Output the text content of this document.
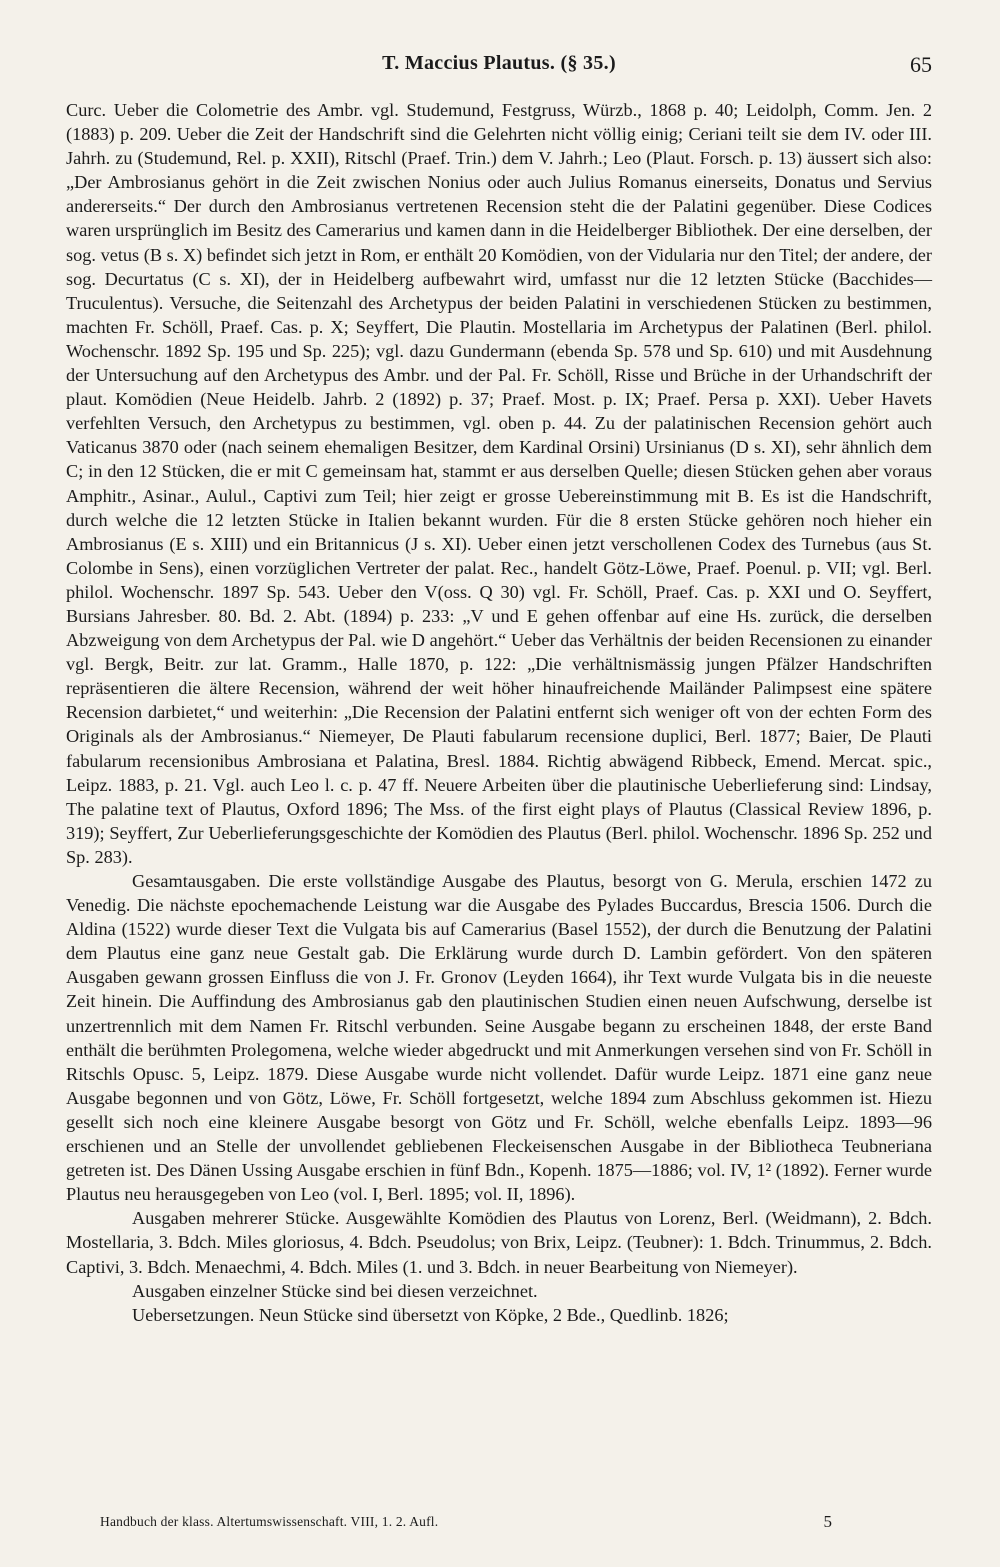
T. Maccius Plautus. (§ 35.)	65

Curc. Ueber die Colometrie des Ambr. vgl. Studemund, Festgruss, Würzb., 1868 p. 40; Leidolph, Comm. Jen. 2 (1883) p. 209. Ueber die Zeit der Handschrift sind die Gelehrten nicht völlig einig; Ceriani teilt sie dem IV. oder III. Jahrh. zu (Studemund, Rel. p. XXII), Ritschl (Praef. Trin.) dem V. Jahrh.; Leo (Plaut. Forsch. p. 13) äussert sich also: „Der Ambrosianus gehört in die Zeit zwischen Nonius oder auch Julius Romanus einerseits, Donatus und Servius andererseits.“ Der durch den Ambrosianus vertretenen Recension steht die der Palatini gegenüber. Diese Codices waren ursprünglich im Besitz des Camerarius und kamen dann in die Heidelberger Bibliothek. Der eine derselben, der sog. vetus (B s. X) befindet sich jetzt in Rom, er enthält 20 Komödien, von der Vidularia nur den Titel; der andere, der sog. Decurtatus (C s. XI), der in Heidelberg aufbewahrt wird, umfasst nur die 12 letzten Stücke (Bacchides—Truculentus). Versuche, die Seitenzahl des Archetypus der beiden Palatini in verschiedenen Stücken zu bestimmen, machten Fr. Schöll, Praef. Cas. p. X; Seyffert, Die Plautin. Mostellaria im Archetypus der Palatinen (Berl. philol. Wochenschr. 1892 Sp. 195 und Sp. 225); vgl. dazu Gundermann (ebenda Sp. 578 und Sp. 610) und mit Ausdehnung der Untersuchung auf den Archetypus des Ambr. und der Pal. Fr. Schöll, Risse und Brüche in der Urhandschrift der plaut. Komödien (Neue Heidelb. Jahrb. 2 (1892) p. 37; Praef. Most. p. IX; Praef. Persa p. XXI). Ueber Havets verfehlten Versuch, den Archetypus zu bestimmen, vgl. oben p. 44. Zu der palatinischen Recension gehört auch Vaticanus 3870 oder (nach seinem ehemaligen Besitzer, dem Kardinal Orsini) Ursinianus (D s. XI), sehr ähnlich dem C; in den 12 Stücken, die er mit C gemeinsam hat, stammt er aus derselben Quelle; diesen Stücken gehen aber voraus Amphitr., Asinar., Aulul., Captivi zum Teil; hier zeigt er grosse Uebereinstimmung mit B. Es ist die Handschrift, durch welche die 12 letzten Stücke in Italien bekannt wurden. Für die 8 ersten Stücke gehören noch hieher ein Ambrosianus (E s. XIII) und ein Britannicus (J s. XI). Ueber einen jetzt verschollenen Codex des Turnebus (aus St. Colombe in Sens), einen vorzüglichen Vertreter der palat. Rec., handelt Götz-Löwe, Praef. Poenul. p. VII; vgl. Berl. philol. Wochenschr. 1897 Sp. 543. Ueber den V(oss. Q 30) vgl. Fr. Schöll, Praef. Cas. p. XXI und O. Seyffert, Bursians Jahresber. 80. Bd. 2. Abt. (1894) p. 233: „V und E gehen offenbar auf eine Hs. zurück, die derselben Abzweigung von dem Archetypus der Pal. wie D angehört.“ Ueber das Verhältnis der beiden Recensionen zu einander vgl. Bergk, Beitr. zur lat. Gramm., Halle 1870, p. 122: „Die verhältnismässig jungen Pfälzer Handschriften repräsentieren die ältere Recension, während der weit höher hinaufreichende Mailänder Palimpsest eine spätere Recension darbietet,“ und weiterhin: „Die Recension der Palatini entfernt sich weniger oft von der echten Form des Originals als der Ambrosianus.“ Niemeyer, De Plauti fabularum recensione duplici, Berl. 1877; Baier, De Plauti fabularum recensionibus Ambrosiana et Palatina, Bresl. 1884. Richtig abwägend Ribbeck, Emend. Mercat. spic., Leipz. 1883, p. 21. Vgl. auch Leo l. c. p. 47 ff. Neuere Arbeiten über die plautinische Ueberlieferung sind: Lindsay, The palatine text of Plautus, Oxford 1896; The Mss. of the first eight plays of Plautus (Classical Review 1896, p. 319); Seyffert, Zur Ueberlieferungsgeschichte der Komödien des Plautus (Berl. philol. Wochenschr. 1896 Sp. 252 und Sp. 283).

Gesamtausgaben. Die erste vollständige Ausgabe des Plautus, besorgt von G. Merula, erschien 1472 zu Venedig. Die nächste epochemachende Leistung war die Ausgabe des Pylades Buccardus, Brescia 1506. Durch die Aldina (1522) wurde dieser Text die Vulgata bis auf Camerarius (Basel 1552), der durch die Benutzung der Palatini dem Plautus eine ganz neue Gestalt gab. Die Erklärung wurde durch D. Lambin gefördert. Von den späteren Ausgaben gewann grossen Einfluss die von J. Fr. Gronov (Leyden 1664), ihr Text wurde Vulgata bis in die neueste Zeit hinein. Die Auffindung des Ambrosianus gab den plautinischen Studien einen neuen Aufschwung, derselbe ist unzertrennlich mit dem Namen Fr. Ritschl verbunden. Seine Ausgabe begann zu erscheinen 1848, der erste Band enthält die berühmten Prolegomena, welche wieder abgedruckt und mit Anmerkungen versehen sind von Fr. Schöll in Ritschls Opusc. 5, Leipz. 1879. Diese Ausgabe wurde nicht vollendet. Dafür wurde Leipz. 1871 eine ganz neue Ausgabe begonnen und von Götz, Löwe, Fr. Schöll fortgesetzt, welche 1894 zum Abschluss gekommen ist. Hiezu gesellt sich noch eine kleinere Ausgabe besorgt von Götz und Fr. Schöll, welche ebenfalls Leipz. 1893—96 erschienen und an Stelle der unvollendet gebliebenen Fleckeisenschen Ausgabe in der Bibliotheca Teubneriana getreten ist. Des Dänen Ussing Ausgabe erschien in fünf Bdn., Kopenh. 1875—1886; vol. IV, 1² (1892). Ferner wurde Plautus neu herausgegeben von Leo (vol. I, Berl. 1895; vol. II, 1896).

Ausgaben mehrerer Stücke. Ausgewählte Komödien des Plautus von Lorenz, Berl. (Weidmann), 2. Bdch. Mostellaria, 3. Bdch. Miles gloriosus, 4. Bdch. Pseudolus; von Brix, Leipz. (Teubner): 1. Bdch. Trinummus, 2. Bdch. Captivi, 3. Bdch. Menaechmi, 4. Bdch. Miles (1. und 3. Bdch. in neuer Bearbeitung von Niemeyer).

Ausgaben einzelner Stücke sind bei diesen verzeichnet.

Uebersetzungen. Neun Stücke sind übersetzt von Köpke, 2 Bde., Quedlinb. 1826;

Handbuch der klass. Altertumswissenschaft. VIII, 1. 2. Aufl.	5
